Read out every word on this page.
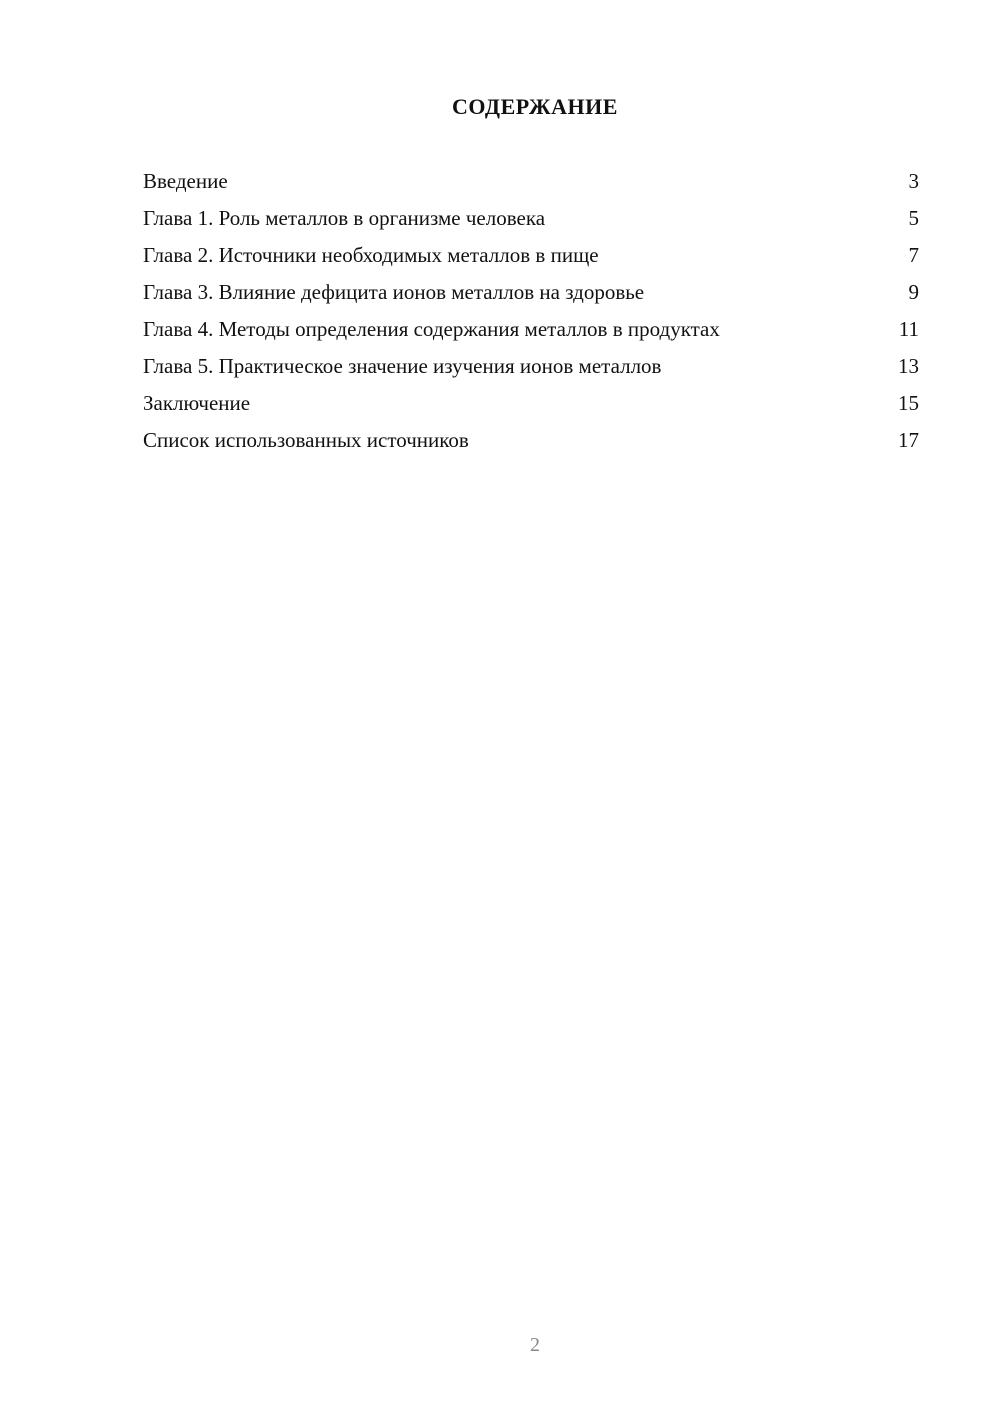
СОДЕРЖАНИЕ
Введение	3
Глава 1. Роль металлов в организме человека	5
Глава 2. Источники необходимых металлов в пище	7
Глава 3. Влияние дефицита ионов металлов на здоровье	9
Глава 4. Методы определения содержания металлов в продуктах	11
Глава 5. Практическое значение изучения ионов металлов	13
Заключение	15
Список использованных источников	17
2
